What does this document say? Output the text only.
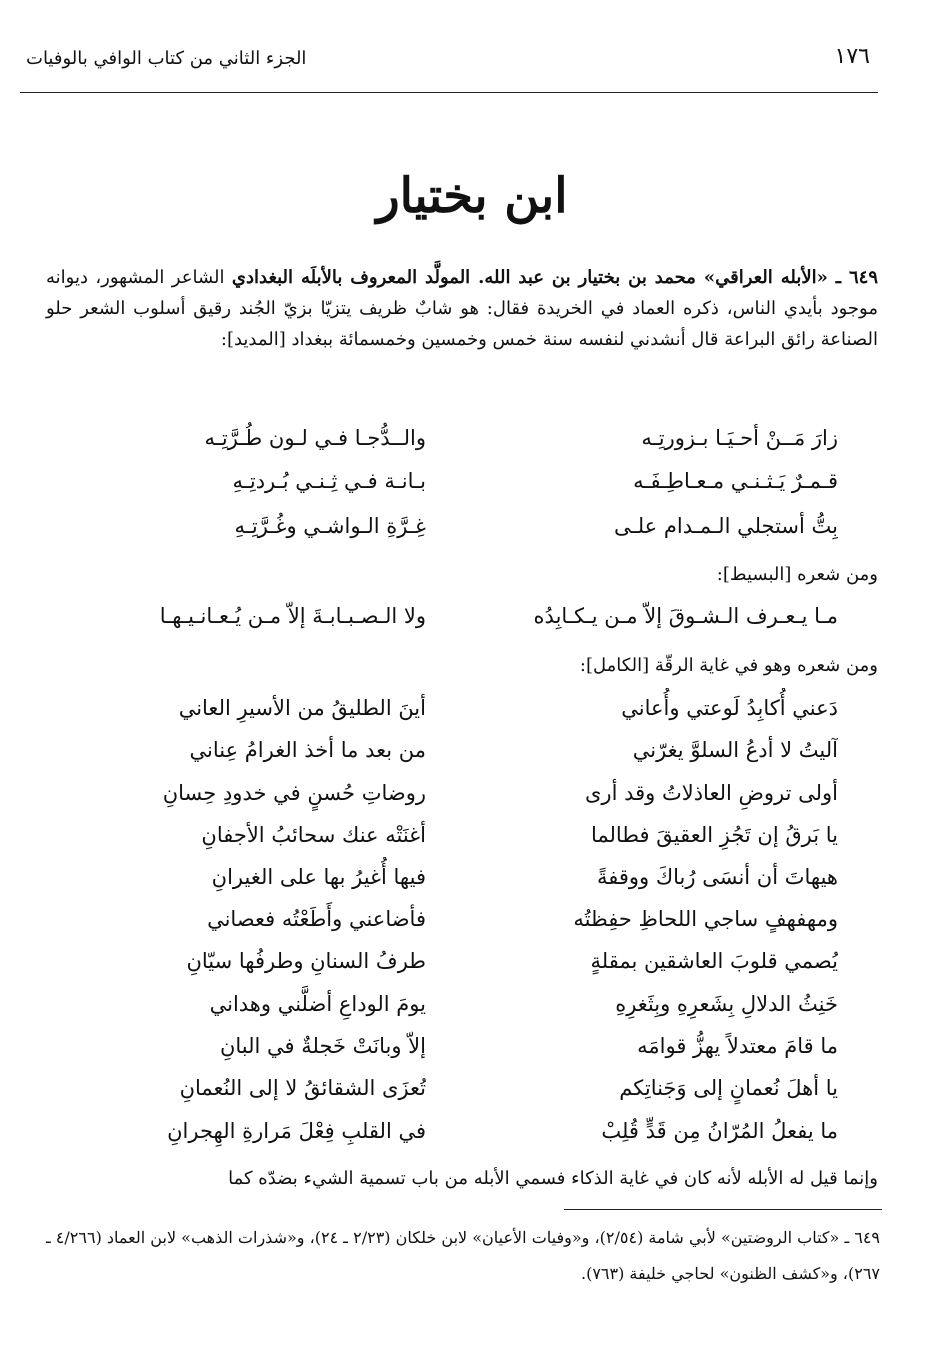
١٧٦
الجزء الثاني من كتاب الوافي بالوفيات
ابن بختيار
٦٤٩ ـ «الأبله العراقي» محمد بن بختيار بن عبد الله. المولَّد المعروف بالأبلَه البغدادي الشاعر المشهور، ديوانه موجود بأيدي الناس، ذكره العماد في الخريدة فقال: هو شابٌ ظريف يتزيّا بزيّ الجُند رقيق أسلوب الشعر حلو الصناعة رائق البراعة قال أنشدني لنفسه سنة خمس وخمسين وخمسمائة ببغداد [المديد]:
زارَ مَــنْ أحـيَـا بـزورتِـه
والــدُّجـا فـي لـون طُـرَّتِـه
قـمـرٌ يَـثـنـي مـعـاطِـفَـه
بـانـة فـي ثِـنـي بُـردتِـهِ
بِتُّ أستجلي الـمـدام علـى
غِـرَّةِ الـواشـي وغُـرَّتِـهِ
ومن شعره [البسيط]:
مـا يـعـرف الـشـوقَ إلاّ مـن يـكـابِدُه
ولا الـصـبـابـةَ إلاّ مـن يُـعـانـيـهـا
ومن شعره وهو في غاية الرقّة [الكامل]:
دَعني أُكابِدُ لَوعتي وأُعاني
أينَ الطليقُ من الأسيرِ العاني
آليتُ لا أدعُ السلوَّ يغرّني
من بعد ما أخذ الغرامُ عِناني
أولى تروضِ العاذلاتُ وقد أرى
روضاتِ حُسنٍ في خدودِ حِسانِ
يا بَرقُ إن تَجُزِ العقيقَ فطالما
أغنَتْه عنك سحائبُ الأجفانِ
هيهاتَ أن أنسَى رُباكَ ووقفةً
فيها أُغيرُ بها على الغيرانِ
ومهفهفٍ ساجي اللحاظِ حفِظتُه
فأضاعني وأَطَعْتُه فعصاني
يُصمي قلوبَ العاشقين بمقلةٍ
طرفُ السنانِ وطرفُها سيّانِ
خَنِثُ الدلالِ بِشَعرِهِ وبِثَغرِهِ
يومَ الوداعِ أضلَّني وهداني
ما قامَ معتدلاً يهزُّ قوامَه
إلاّ وبانَتْ خَجلةٌ في البانِ
يا أهلَ نُعمانٍ إلى وَجَناتِكم
تُعزَى الشقائقُ لا إلى النُعمانِ
ما يفعلُ المُرّانُ مِن قَدٍّ قُلِبْ
في القلبِ فِعْلَ مَرارةِ الهِجرانِ
وإنما قيل له الأبله لأنه كان في غاية الذكاء فسمي الأبله من باب تسمية الشيء بضدّه كما
٦٤٩ ـ «كتاب الروضتين» لأبي شامة (٢/٥٤)، و«وفيات الأعيان» لابن خلكان (٢/٢٣ ـ ٢٤)، و«شذرات الذهب» لابن العماد (٤/٢٦٦ ـ ٢٦٧)، و«كشف الظنون» لحاجي خليفة (٧٦٣).
